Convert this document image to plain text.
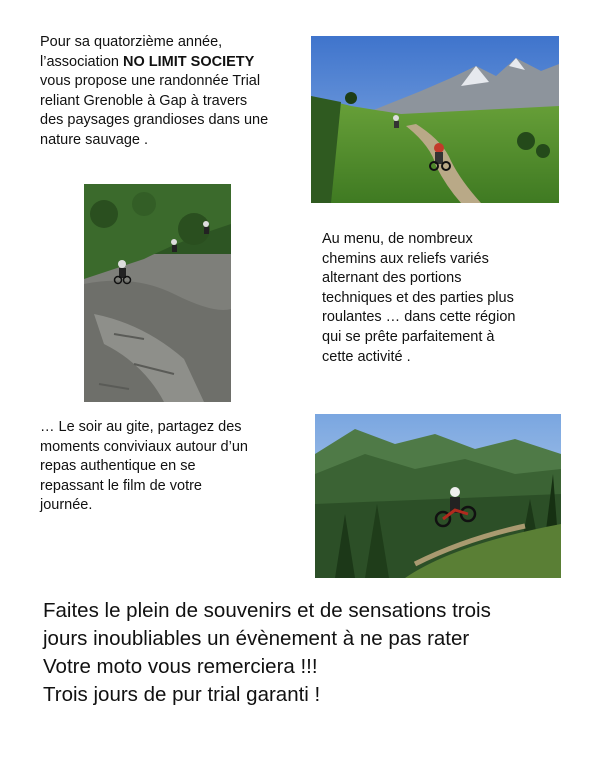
Pour sa quatorzième année,
l’association NO LIMIT SOCIETY
vous propose une randonnée Trial
reliant Grenoble à Gap à travers
des paysages grandioses dans une
nature sauvage .
Au menu, de nombreux
chemins aux reliefs variés
alternant des portions
techniques et des parties plus
roulantes … dans cette région
qui se prête parfaitement à
cette activité .
… Le soir au gite, partagez des
moments conviviaux autour d’un
repas authentique en se
repassant le film de votre
journée.
Faites le plein de souvenirs et de sensations trois
jours inoubliables un évènement à ne pas rater
Votre moto vous remerciera !!!
Trois jours de pur trial garanti !
